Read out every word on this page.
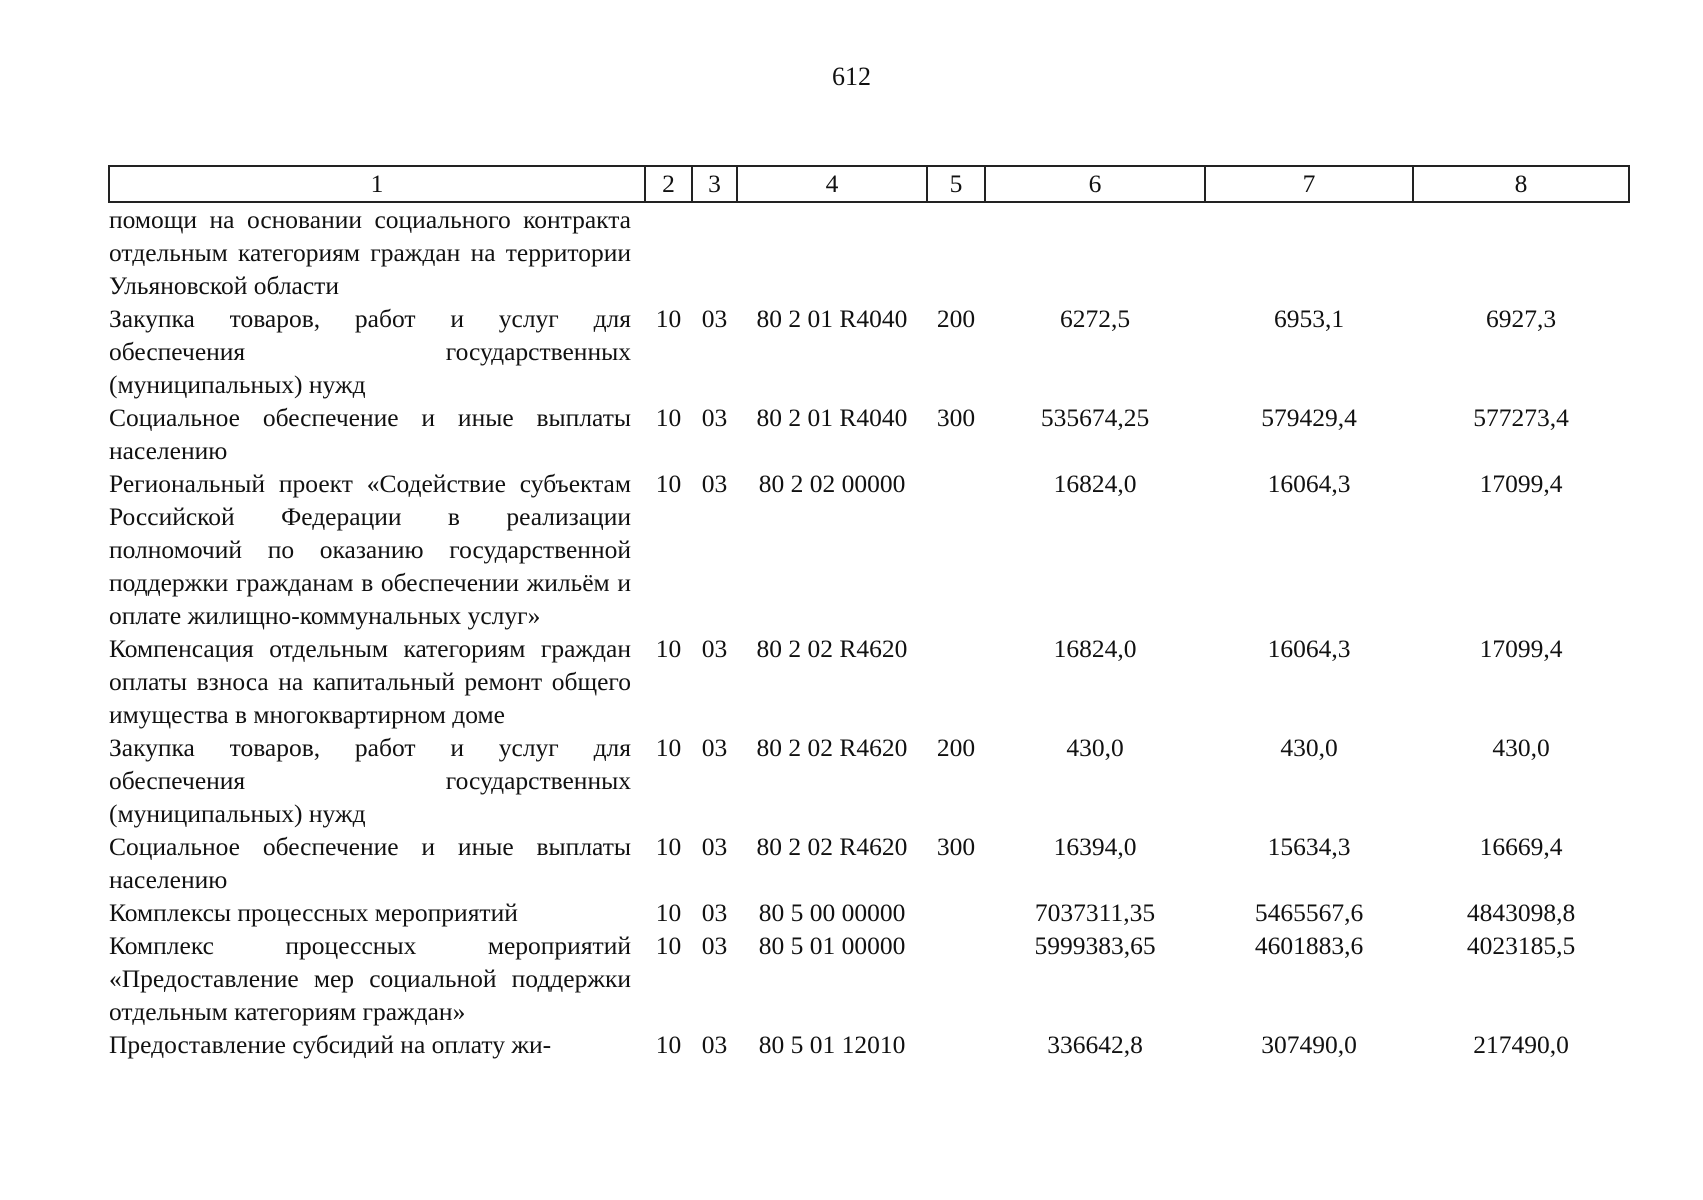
612
1	2	3	4	5	6	7	8
помощи на основании социального контракта отдельным категориям граждан на территории Ульяновской области							
Закупка товаров, работ и услуг для обеспечения государственных (муниципальных) нужд	10	03	80 2 01 R4040	200	6272,5	6953,1	6927,3
Социальное обеспечение и иные выплаты населению	10	03	80 2 01 R4040	300	535674,25	579429,4	577273,4
Региональный проект «Содействие субъектам Российской Федерации в реализации полномочий по оказанию государственной поддержки гражданам в обеспечении жильём и оплате жилищно-коммунальных услуг»	10	03	80 2 02 00000		16824,0	16064,3	17099,4
Компенсация отдельным категориям граждан оплаты взноса на капитальный ремонт общего имущества в многоквартирном доме	10	03	80 2 02 R4620		16824,0	16064,3	17099,4
Закупка товаров, работ и услуг для обеспечения государственных (муниципальных) нужд	10	03	80 2 02 R4620	200	430,0	430,0	430,0
Социальное обеспечение и иные выплаты населению	10	03	80 2 02 R4620	300	16394,0	15634,3	16669,4
Комплексы процессных мероприятий	10	03	80 5 00 00000		7037311,35	5465567,6	4843098,8
Комплекс процессных мероприятий «Предоставление мер социальной поддержки отдельным категориям граждан»	10	03	80 5 01 00000		5999383,65	4601883,6	4023185,5
Предоставление субсидий на оплату жи-	10	03	80 5 01 12010		336642,8	307490,0	217490,0
